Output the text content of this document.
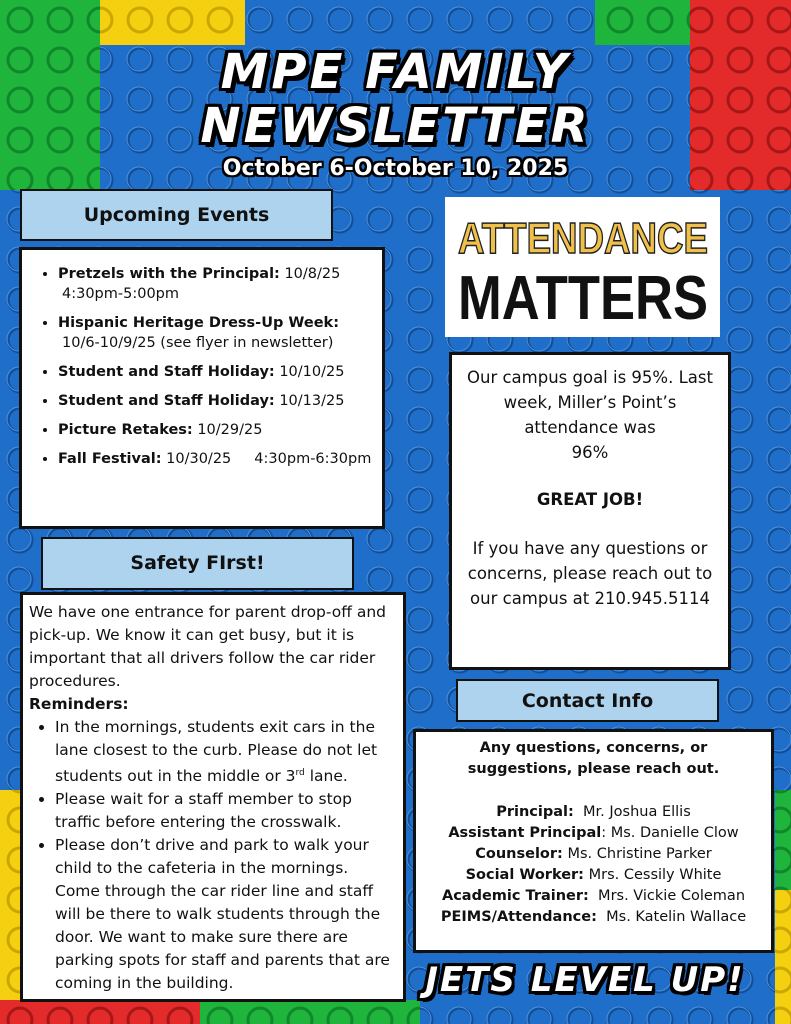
MPE FAMILY
NEWSLETTER
October 6-October 10, 2025
Upcoming Events
• Pretzels with the Principal: 10/8/25
4:30pm-5:00pm
• Hispanic Heritage Dress-Up Week:
10/6-10/9/25 (see flyer in newsletter)
• Student and Staff Holiday: 10/10/25
• Student and Staff Holiday: 10/13/25
• Picture Retakes: 10/29/25
• Fall Festival: 10/30/25     4:30pm-6:30pm
Safety FIrst!

We have one entrance for parent drop-off and pick-up. We know it can get busy, but it is important that all drivers follow the car rider procedures.

Reminders:

• In the mornings, students exit cars in the lane closest to the curb. Please do not let students out in the middle or 3rd lane.
• Please wait for a staff member to stop traffic before entering the crosswalk.
• Please don’t drive and park to walk your child to the cafeteria in the mornings. Come through the car rider line and staff will be there to walk students through the door. We want to make sure there are parking spots for staff and parents that are coming in the building.
ATTENDANCE
MATTERS

Our campus goal is 95%. Last week, Miller’s Point’s attendance was

96%

GREAT JOB!

If you have any questions or concerns, please reach out to our campus at 210.945.5114

Contact Info

Any questions, concerns, or suggestions, please reach out.

Principal:  Mr. Joshua Ellis

Assistant Principal: Ms. Danielle Clow

Counselor: Ms. Christine Parker

Social Worker: Mrs. Cessily White

Academic Trainer:  Mrs. Vickie Coleman

PEIMS/Attendance:  Ms. Katelin Wallace

JETS LEVEL UP!
